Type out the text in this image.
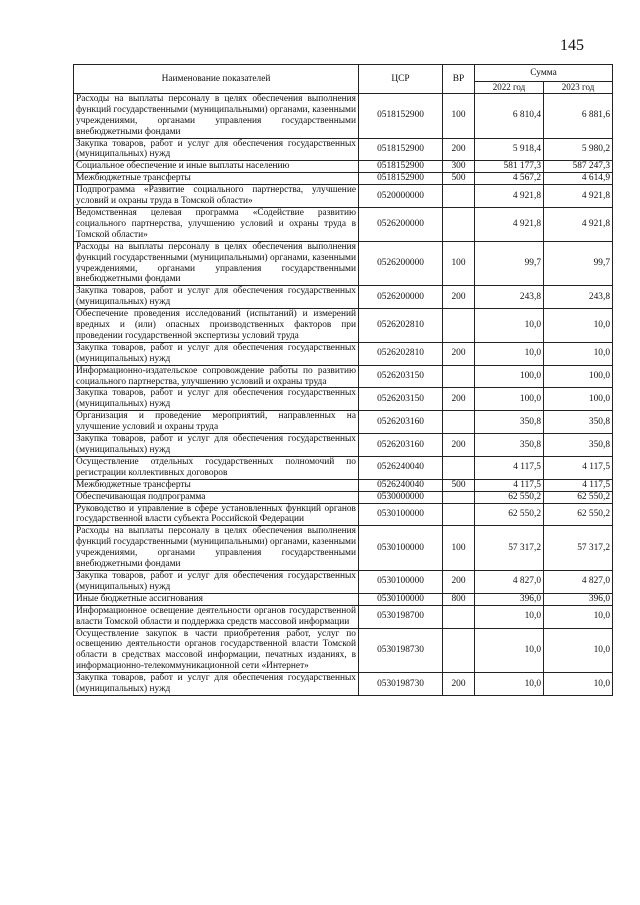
145
Наименование показателей	ЦСР	ВР	Сумма	
			2022 год	2023 год
Расходы на выплаты персоналу в целях обеспечения выполнения функций государственными (муниципальными) органами, казенными учреждениями, органами управления государственными внебюджетными фондами	0518152900	100	6 810,4	6 881,6
Закупка товаров, работ и услуг для обеспечения государственных (муниципальных) нужд	0518152900	200	5 918,4	5 980,2
Социальное обеспечение и иные выплаты населению	0518152900	300	581 177,3	587 247,3
Межбюджетные трансферты	0518152900	500	4 567,2	4 614,9
Подпрограмма «Развитие социального партнерства, улучшение условий и охраны труда в Томской области»	0520000000		4 921,8	4 921,8
Ведомственная целевая программа «Содействие развитию социального партнерства, улучшению условий и охраны труда в Томской области»	0526200000		4 921,8	4 921,8
Расходы на выплаты персоналу в целях обеспечения выполнения функций государственными (муниципальными) органами, казенными учреждениями, органами управления государственными внебюджетными фондами	0526200000	100	99,7	99,7
Закупка товаров, работ и услуг для обеспечения государственных (муниципальных) нужд	0526200000	200	243,8	243,8
Обеспечение проведения исследований (испытаний) и измерений вредных и (или) опасных производственных факторов при проведении государственной экспертизы условий труда	0526202810		10,0	10,0
Закупка товаров, работ и услуг для обеспечения государственных (муниципальных) нужд	0526202810	200	10,0	10,0
Информационно-издательское сопровождение работы по развитию социального партнерства, улучшению условий и охраны труда	0526203150		100,0	100,0
Закупка товаров, работ и услуг для обеспечения государственных (муниципальных) нужд	0526203150	200	100,0	100,0
Организация и проведение мероприятий, направленных на улучшение условий и охраны труда	0526203160		350,8	350,8
Закупка товаров, работ и услуг для обеспечения государственных (муниципальных) нужд	0526203160	200	350,8	350,8
Осуществление отдельных государственных полномочий по регистрации коллективных договоров	0526240040		4 117,5	4 117,5
Межбюджетные трансферты	0526240040	500	4 117,5	4 117,5
Обеспечивающая подпрограмма	0530000000		62 550,2	62 550,2
Руководство и управление в сфере установленных функций органов государственной власти субъекта Российской Федерации	0530100000		62 550,2	62 550,2
Расходы на выплаты персоналу в целях обеспечения выполнения функций государственными (муниципальными) органами, казенными учреждениями, органами управления государственными внебюджетными фондами	0530100000	100	57 317,2	57 317,2
Закупка товаров, работ и услуг для обеспечения государственных (муниципальных) нужд	0530100000	200	4 827,0	4 827,0
Иные бюджетные ассигнования	0530100000	800	396,0	396,0
Информационное освещение деятельности органов государственной власти Томской области и поддержка средств массовой информации	0530198700		10,0	10,0
Осуществление закупок в части приобретения работ, услуг по освещению деятельности органов государственной власти Томской области в средствах массовой информации, печатных изданиях, в информационно-телекоммуникационной сети «Интернет»	0530198730		10,0	10,0
Закупка товаров, работ и услуг для обеспечения государственных (муниципальных) нужд	0530198730	200	10,0	10,0
